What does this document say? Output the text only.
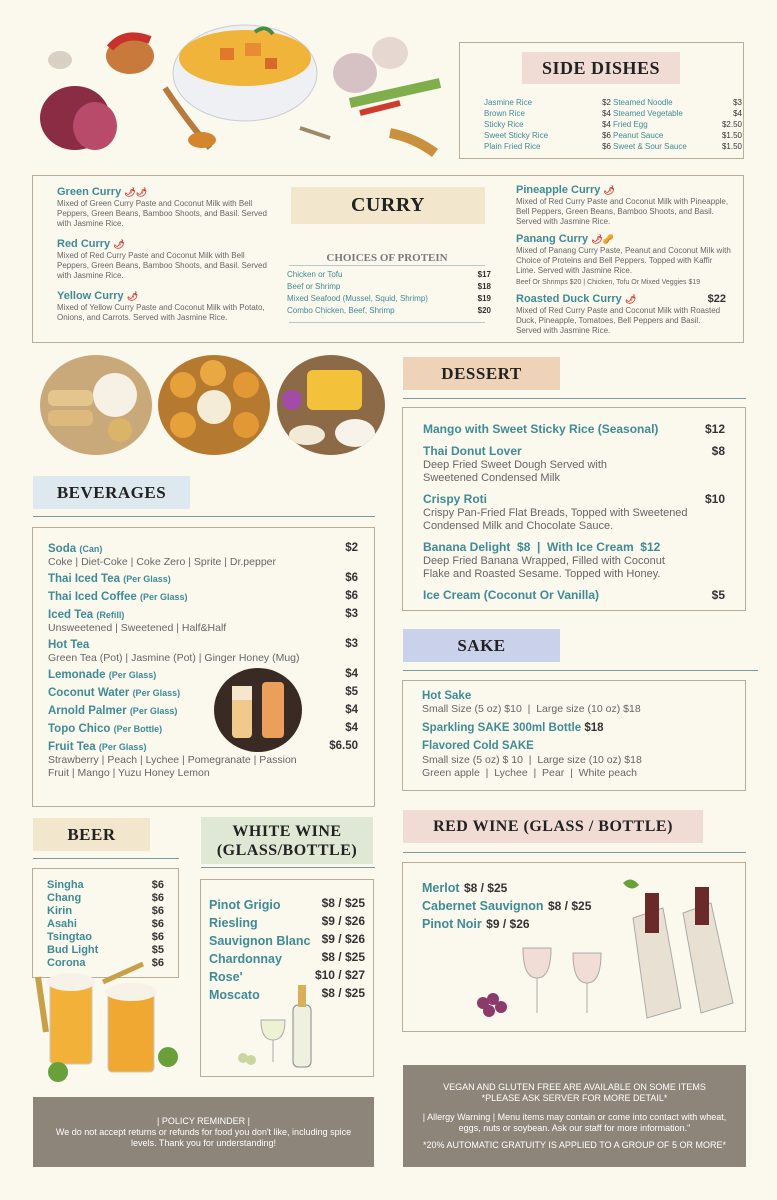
SIDE DISHES
Jasmine Rice	$2 Steamed Noodle	$3
Brown Rice	$4 Steamed Vegetable	$4
Sticky Rice	$4 Fried Egg	$2.50
Sweet Sticky Rice	$6 Peanut Sauce	$1.50
Plain Fried Rice	$6 Sweet & Sour Sauce	$1.50
Green Curry 🌶🌶
Mixed of Green Curry Paste and Coconut Milk with Bell Peppers, Green Beans, Bamboo Shoots, and Basil. Served with Jasmine Rice.
Red Curry 🌶
Mixed of Red Curry Paste and Coconut Milk with Bell Peppers, Green Beans, Bamboo Shoots, and Basil. Served with Jasmine Rice.
Yellow Curry 🌶
Mixed of Yellow Curry Paste and Coconut Milk with Potato, Onions, and Carrots. Served with Jasmine Rice.
CURRY
CHOICES OF PROTEIN
Chicken or Tofu	$17
Beef or Shrimp	$18
Mixed Seafood (Mussel, Squid, Shrimp)	$19
Combo Chicken, Beef, Shrimp	$20
Pineapple Curry 🌶
Mixed of Red Curry Paste and Coconut Milk with Pineapple, Bell Peppers, Green Beans, Bamboo Shoots, and Basil. Served with Jasmine Rice.
Panang Curry 🌶🥜
Mixed of Panang Curry Paste, Peanut and Coconut Milk with Choice of Proteins and Bell Peppers. Topped with Kaffir Lime. Served with Jasmine Rice.
Beef Or Shrimps $20 | Chicken, Tofu Or Mixed Veggies $19
Roasted Duck Curry 🌶	$22
Mixed of Red Curry Paste and Coconut Milk with Roasted Duck, Pineapple, Tomatoes, Bell Peppers and Basil. Served with Jasmine Rice.
DESSERT
Mango with Sweet Sticky Rice (Seasonal)	$12
Thai Donut Lover	$8
Deep Fried Sweet Dough Served with Sweetened Condensed Milk
Crispy Roti	$10
Crispy Pan-Fried Flat Breads, Topped with Sweetened Condensed Milk and Chocolate Sauce.
Banana Delight  $8  |  With Ice Cream  $12
Deep Fried Banana Wrapped, Filled with Coconut Flake and Roasted Sesame. Topped with Honey.
Ice Cream (Coconut Or Vanilla)	$5
BEVERAGES
Soda (Can)	$2
Coke | Diet-Coke | Coke Zero | Sprite | Dr.pepper
Thai Iced Tea (Per Glass)	$6
Thai Iced Coffee (Per Glass)	$6
Iced Tea (Refill)	$3
Unsweetened | Sweetened | Half&Half
Hot Tea	$3
Green Tea (Pot) | Jasmine (Pot) | Ginger Honey (Mug)
Lemonade (Per Glass)	$4
Coconut Water (Per Glass)	$5
Arnold Palmer (Per Glass)	$4
Topo Chico (Per Bottle)	$4
Fruit Tea (Per Glass)	$6.50
Strawberry | Peach | Lychee | Pomegranate | Passion Fruit | Mango | Yuzu Honey Lemon
SAKE
Hot Sake
Small Size (5 oz) $10  |  Large size (10 oz) $18
Sparkling SAKE 300ml Bottle $18
Flavored Cold SAKE
Small size (5 oz) $ 10  |  Large size (10 oz) $18
Green apple  |  Lychee  |  Pear  |  White peach
BEER
Singha	$6
Chang	$6
Kirin	$6
Asahi	$6
Tsingtao	$6
Bud Light	$5
Corona	$6
WHITE WINE
(GLASS/BOTTLE)
Pinot Grigio	$8 / $25
Riesling	$9 / $26
Sauvignon Blanc $9 / $26
Chardonnay	$8 / $25
Rose'	$10 / $27
Moscato	$8 / $25
RED WINE (GLASS / BOTTLE)
Merlot $8 / $25
Cabernet Sauvignon $8 / $25
Pinot Noir $9 / $26
| POLICY REMINDER |
We do not accept returns or refunds for food you don't like, including spice levels. Thank you for understanding!
VEGAN AND GLUTEN FREE ARE AVAILABLE ON SOME ITEMS
*PLEASE ASK SERVER FOR MORE DETAIL*
| Allergy Warning | Menu items may contain or come into contact with wheat, eggs, nuts or soybean. Ask our staff for more information."
*20% AUTOMATIC GRATUITY IS APPLIED TO A GROUP OF 5 OR MORE*
